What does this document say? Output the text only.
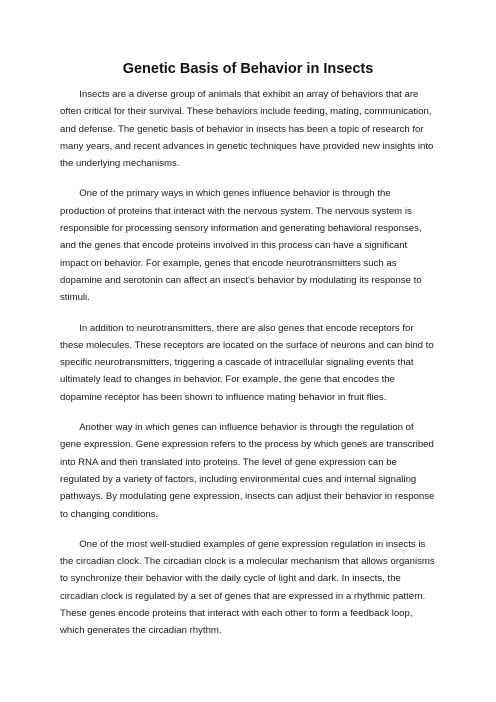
Genetic Basis of Behavior in Insects

Insects are a diverse group of animals that exhibit an array of behaviors that are often critical for their survival. These behaviors include feeding, mating, communication, and defense. The genetic basis of behavior in insects has been a topic of research for many years, and recent advances in genetic techniques have provided new insights into the underlying mechanisms.

One of the primary ways in which genes influence behavior is through the production of proteins that interact with the nervous system. The nervous system is responsible for processing sensory information and generating behavioral responses, and the genes that encode proteins involved in this process can have a significant impact on behavior. For example, genes that encode neurotransmitters such as dopamine and serotonin can affect an insect's behavior by modulating its response to stimuli.

In addition to neurotransmitters, there are also genes that encode receptors for these molecules. These receptors are located on the surface of neurons and can bind to specific neurotransmitters, triggering a cascade of intracellular signaling events that ultimately lead to changes in behavior. For example, the gene that encodes the dopamine receptor has been shown to influence mating behavior in fruit flies.

Another way in which genes can influence behavior is through the regulation of gene expression. Gene expression refers to the process by which genes are transcribed into RNA and then translated into proteins. The level of gene expression can be regulated by a variety of factors, including environmental cues and internal signaling pathways. By modulating gene expression, insects can adjust their behavior in response to changing conditions.

One of the most well-studied examples of gene expression regulation in insects is the circadian clock. The circadian clock is a molecular mechanism that allows organisms to synchronize their behavior with the daily cycle of light and dark. In insects, the circadian clock is regulated by a set of genes that are expressed in a rhythmic pattern. These genes encode proteins that interact with each other to form a feedback loop, which generates the circadian rhythm.
